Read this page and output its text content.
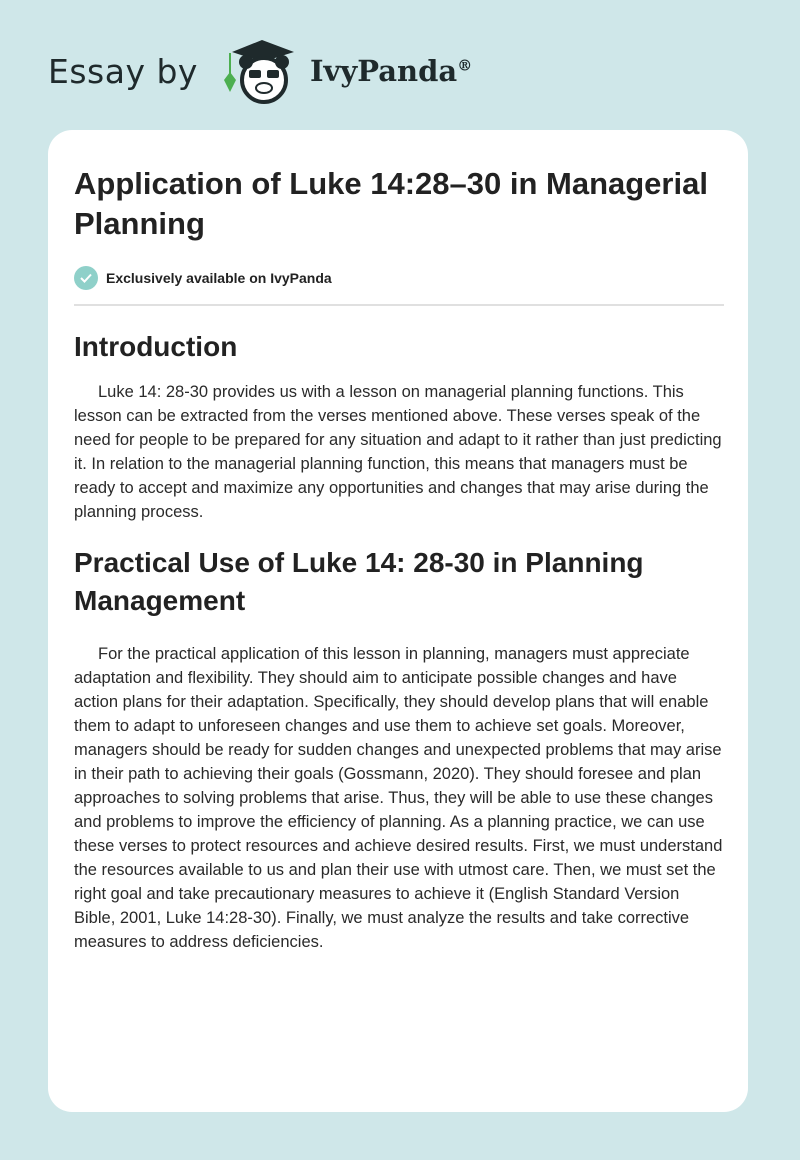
Essay by	IvyPanda®
Application of Luke 14:28–30 in Managerial Planning
Exclusively available on IvyPanda
Introduction

Luke 14: 28-30 provides us with a lesson on managerial planning functions. This lesson can be extracted from the verses mentioned above. These verses speak of the need for people to be prepared for any situation and adapt to it rather than just predicting it. In relation to the managerial planning function, this means that managers must be ready to accept and maximize any opportunities and changes that may arise during the planning process.

Practical Use of Luke 14: 28-30 in Planning Management

For the practical application of this lesson in planning, managers must appreciate adaptation and flexibility. They should aim to anticipate possible changes and have action plans for their adaptation. Specifically, they should develop plans that will enable them to adapt to unforeseen changes and use them to achieve set goals. Moreover, managers should be ready for sudden changes and unexpected problems that may arise in their path to achieving their goals (Gossmann, 2020). They should foresee and plan approaches to solving problems that arise. Thus, they will be able to use these changes and problems to improve the efficiency of planning. As a planning practice, we can use these verses to protect resources and achieve desired results. First, we must understand the resources available to us and plan their use with utmost care. Then, we must set the right goal and take precautionary measures to achieve it (English Standard Version Bible, 2001, Luke 14:28-30). Finally, we must analyze the results and take corrective measures to address deficiencies.
